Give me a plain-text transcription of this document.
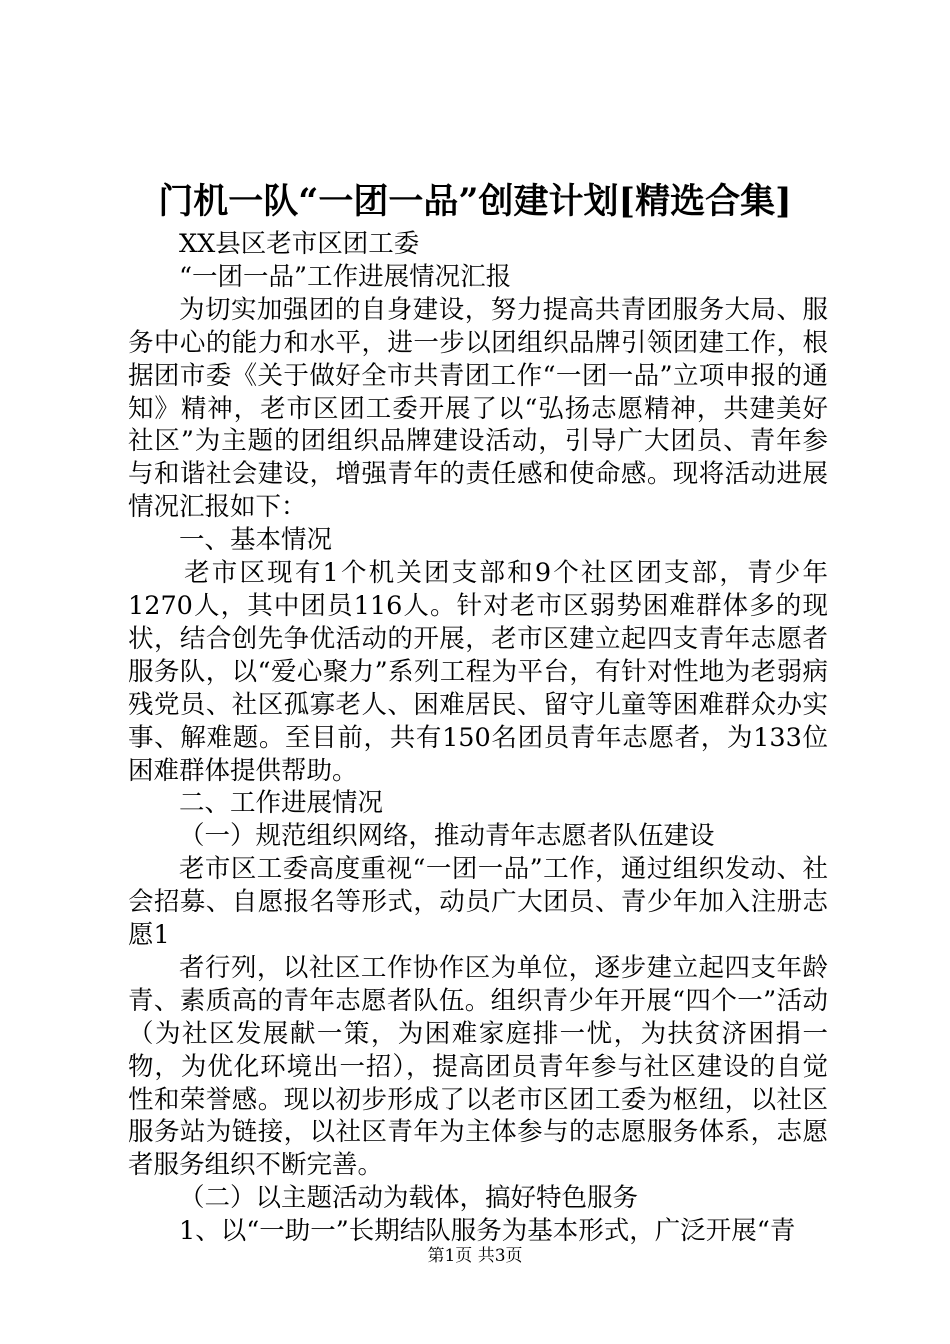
门机一队“一团一品”创建计划[精选合集]

XX县区老市区团工委

“一团一品”工作进展情况汇报

为切实加强团的自身建设，努力提高共青团服务大局、服务中心的能力和水平，进一步以团组织品牌引领团建工作，根据团市委《关于做好全市共青团工作“一团一品”立项申报的通知》精神，老市区团工委开展了以“弘扬志愿精神，共建美好社区”为主题的团组织品牌建设活动，引导广大团员、青年参与和谐社会建设，增强青年的责任感和使命感。现将活动进展情况汇报如下：

一、基本情况

老市区现有1个机关团支部和9个社区团支部，青少年1270人，其中团员116人。针对老市区弱势困难群体多的现状，结合创先争优活动的开展，老市区建立起四支青年志愿者服务队，以“爱心聚力”系列工程为平台，有针对性地为老弱病残党员、社区孤寡老人、困难居民、留守儿童等困难群众办实事、解难题。至目前，共有150名团员青年志愿者，为133位困难群体提供帮助。

二、工作进展情况

（一）规范组织网络，推动青年志愿者队伍建设

老市区工委高度重视“一团一品”工作，通过组织发动、社会招募、自愿报名等形式，动员广大团员、青少年加入注册志愿1

者行列，以社区工作协作区为单位，逐步建立起四支年龄青、素质高的青年志愿者队伍。组织青少年开展“四个一”活动（为社区发展献一策，为困难家庭排一忧，为扶贫济困捐一物，为优化环境出一招），提高团员青年参与社区建设的自觉性和荣誉感。现以初步形成了以老市区团工委为枢纽，以社区服务站为链接，以社区青年为主体参与的志愿服务体系，志愿者服务组织不断完善。

（二）以主题活动为载体，搞好特色服务

1、以“一助一”长期结队服务为基本形式，广泛开展“青

第1页 共3页
